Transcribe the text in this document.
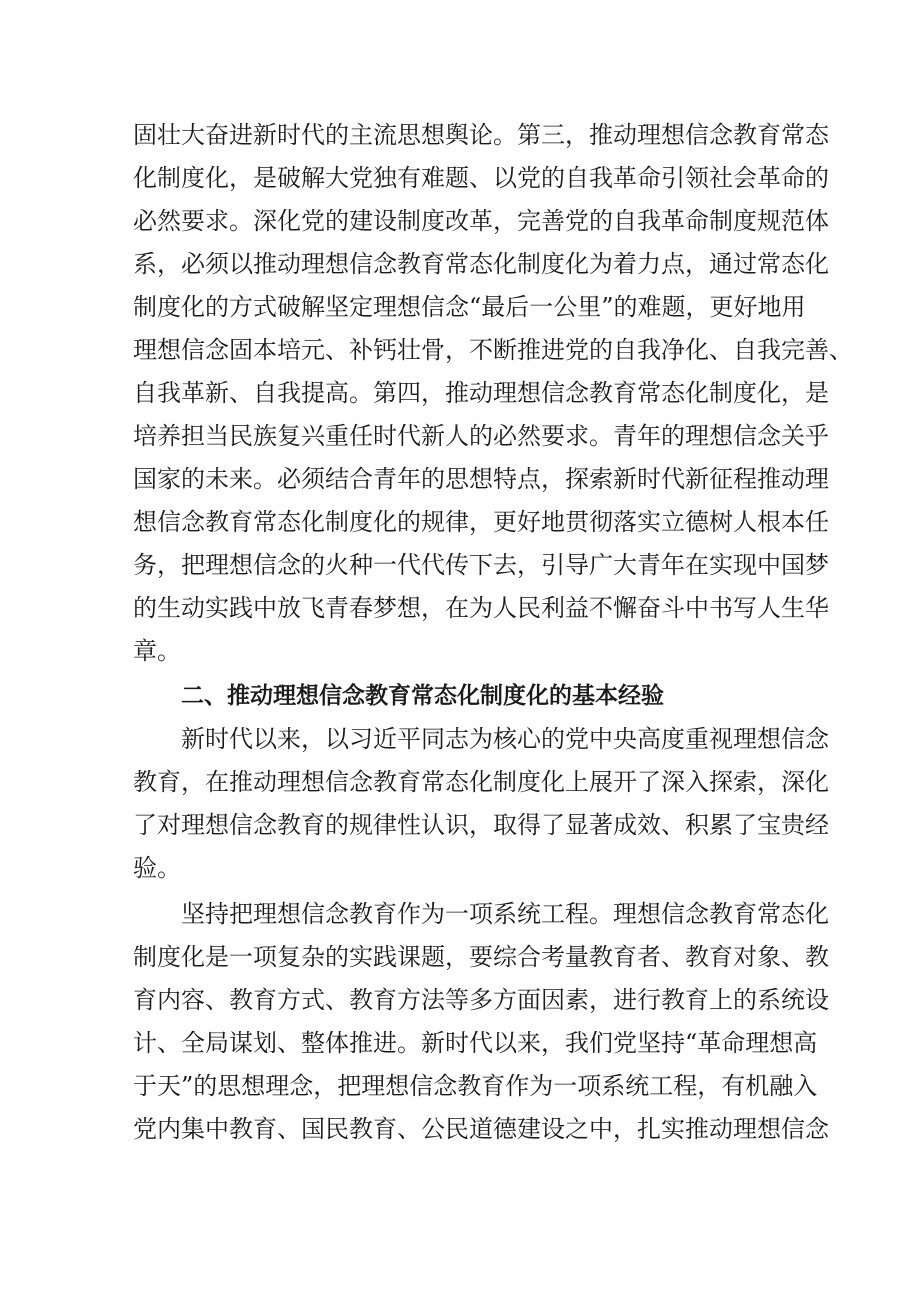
固壮大奋进新时代的主流思想舆论。第三，推动理想信念教育常态
化制度化，是破解大党独有难题、以党的自我革命引领社会革命的
必然要求。深化党的建设制度改革，完善党的自我革命制度规范体
系，必须以推动理想信念教育常态化制度化为着力点，通过常态化
制度化的方式破解坚定理想信念“最后一公里”的难题，更好地用
理想信念固本培元、补钙壮骨，不断推进党的自我净化、自我完善、
自我革新、自我提高。第四，推动理想信念教育常态化制度化，是
培养担当民族复兴重任时代新人的必然要求。青年的理想信念关乎
国家的未来。必须结合青年的思想特点，探索新时代新征程推动理
想信念教育常态化制度化的规律，更好地贯彻落实立德树人根本任
务，把理想信念的火种一代代传下去，引导广大青年在实现中国梦
的生动实践中放飞青春梦想，在为人民利益不懈奋斗中书写人生华
章。
二、推动理想信念教育常态化制度化的基本经验
新时代以来，以习近平同志为核心的党中央高度重视理想信念
教育，在推动理想信念教育常态化制度化上展开了深入探索，深化
了对理想信念教育的规律性认识，取得了显著成效、积累了宝贵经
验。
坚持把理想信念教育作为一项系统工程。理想信念教育常态化
制度化是一项复杂的实践课题，要综合考量教育者、教育对象、教
育内容、教育方式、教育方法等多方面因素，进行教育上的系统设
计、全局谋划、整体推进。新时代以来，我们党坚持“革命理想高
于天”的思想理念，把理想信念教育作为一项系统工程，有机融入
党内集中教育、国民教育、公民道德建设之中，扎实推动理想信念
